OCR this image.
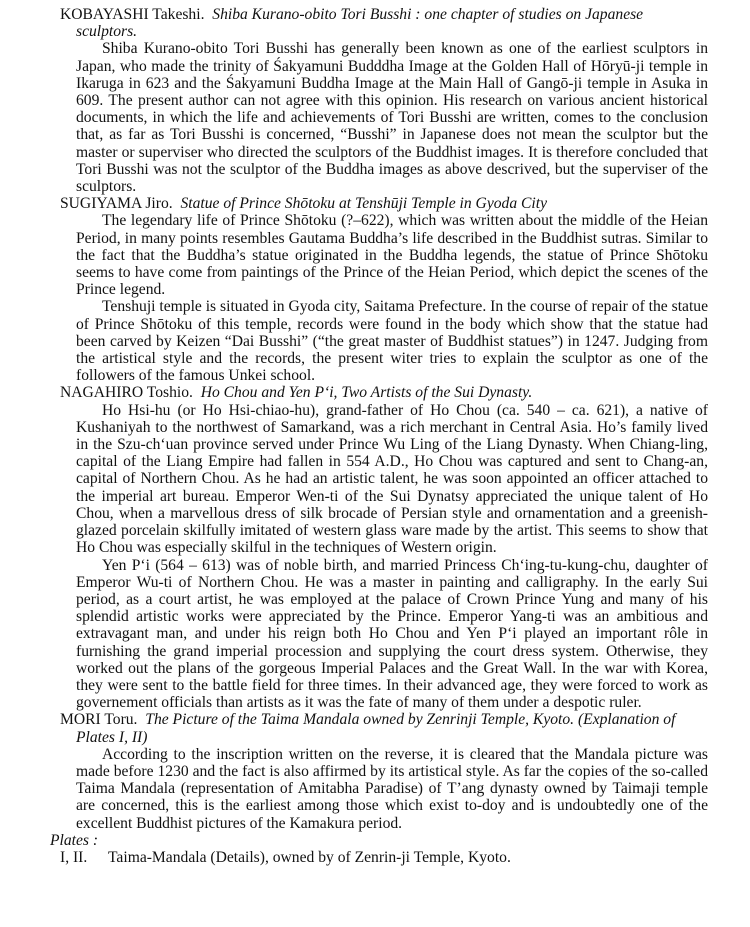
KOBAYASHI Takeshi. Shiba Kurano-obito Tori Busshi : one chapter of studies on Japanese sculptors.

Shiba Kurano-obito Tori Busshi has generally been known as one of the earliest sculptors in Japan, who made the trinity of Śakyamuni Budddha Image at the Golden Hall of Hōryū-ji temple in Ikaruga in 623 and the Śakyamuni Buddha Image at the Main Hall of Gangō-ji temple in Asuka in 609. The present author can not agree with this opinion. His research on various ancient historical documents, in which the life and achievements of Tori Busshi are written, comes to the conclusion that, as far as Tori Busshi is concerned, “Busshi” in Japanese does not mean the sculptor but the master or superviser who directed the sculptors of the Buddhist images. It is therefore concluded that Tori Busshi was not the sculptor of the Buddha images as above descrived, but the superviser of the sculptors.

SUGIYAMA Jiro. Statue of Prince Shōtoku at Tenshūji Temple in Gyoda City

The legendary life of Prince Shōtoku (?–622), which was written about the middle of the Heian Period, in many points resembles Gautama Buddha’s life described in the Buddhist sutras. Similar to the fact that the Buddha’s statue originated in the Buddha legends, the statue of Prince Shōtoku seems to have come from paintings of the Prince of the Heian Period, which depict the scenes of the Prince legend.

Tenshuji temple is situated in Gyoda city, Saitama Prefecture. In the course of repair of the statue of Prince Shōtoku of this temple, records were found in the body which show that the statue had been carved by Keizen “Dai Busshi” (“the great master of Buddhist statues”) in 1247. Judging from the artistical style and the records, the present witer tries to explain the sculptor as one of the followers of the famous Unkei school.

NAGAHIRO Toshio. Ho Chou and Yen P‘i, Two Artists of the Sui Dynasty.

Ho Hsi-hu (or Ho Hsi-chiao-hu), grand-father of Ho Chou (ca. 540 – ca. 621), a native of Kushaniyah to the northwest of Samarkand, was a rich merchant in Central Asia. Ho’s family lived in the Szu-ch‘uan province served under Prince Wu Ling of the Liang Dynasty. When Chiang-ling, capital of the Liang Empire had fallen in 554 A.D., Ho Chou was captured and sent to Chang-an, capital of Northern Chou. As he had an artistic talent, he was soon appointed an officer attached to the imperial art bureau. Emperor Wen-ti of the Sui Dynatsy appreciated the unique talent of Ho Chou, when a marvellous dress of silk brocade of Persian style and ornamentation and a greenish-glazed porcelain skilfully imitated of western glass ware made by the artist. This seems to show that Ho Chou was especially skilful in the techniques of Western origin.

Yen P‘i (564 – 613) was of noble birth, and married Princess Ch‘ing-tu-kung-chu, daughter of Emperor Wu-ti of Northern Chou. He was a master in painting and calligraphy. In the early Sui period, as a court artist, he was employed at the palace of Crown Prince Yung and many of his splendid artistic works were appreciated by the Prince. Emperor Yang-ti was an ambitious and extravagant man, and under his reign both Ho Chou and Yen P‘i played an important rôle in furnishing the grand imperial procession and supplying the court dress system. Otherwise, they worked out the plans of the gorgeous Imperial Palaces and the Great Wall. In the war with Korea, they were sent to the battle field for three times. In their advanced age, they were forced to work as governement officials than artists as it was the fate of many of them under a despotic ruler.

MORI Toru. The Picture of the Taima Mandala owned by Zenrinji Temple, Kyoto. (Explanation of Plates I, II)

According to the inscription written on the reverse, it is cleared that the Mandala picture was made before 1230 and the fact is also affirmed by its artistical style. As far the copies of the so-called Taima Mandala (representation of Amitabha Paradise) of T’ang dynasty owned by Taimaji temple are concerned, this is the earliest among those which exist to-doy and is undoubtedly one of the excellent Buddhist pictures of the Kamakura period.

Plates :

I, II. Taima-Mandala (Details), owned by of Zenrin-ji Temple, Kyoto.
